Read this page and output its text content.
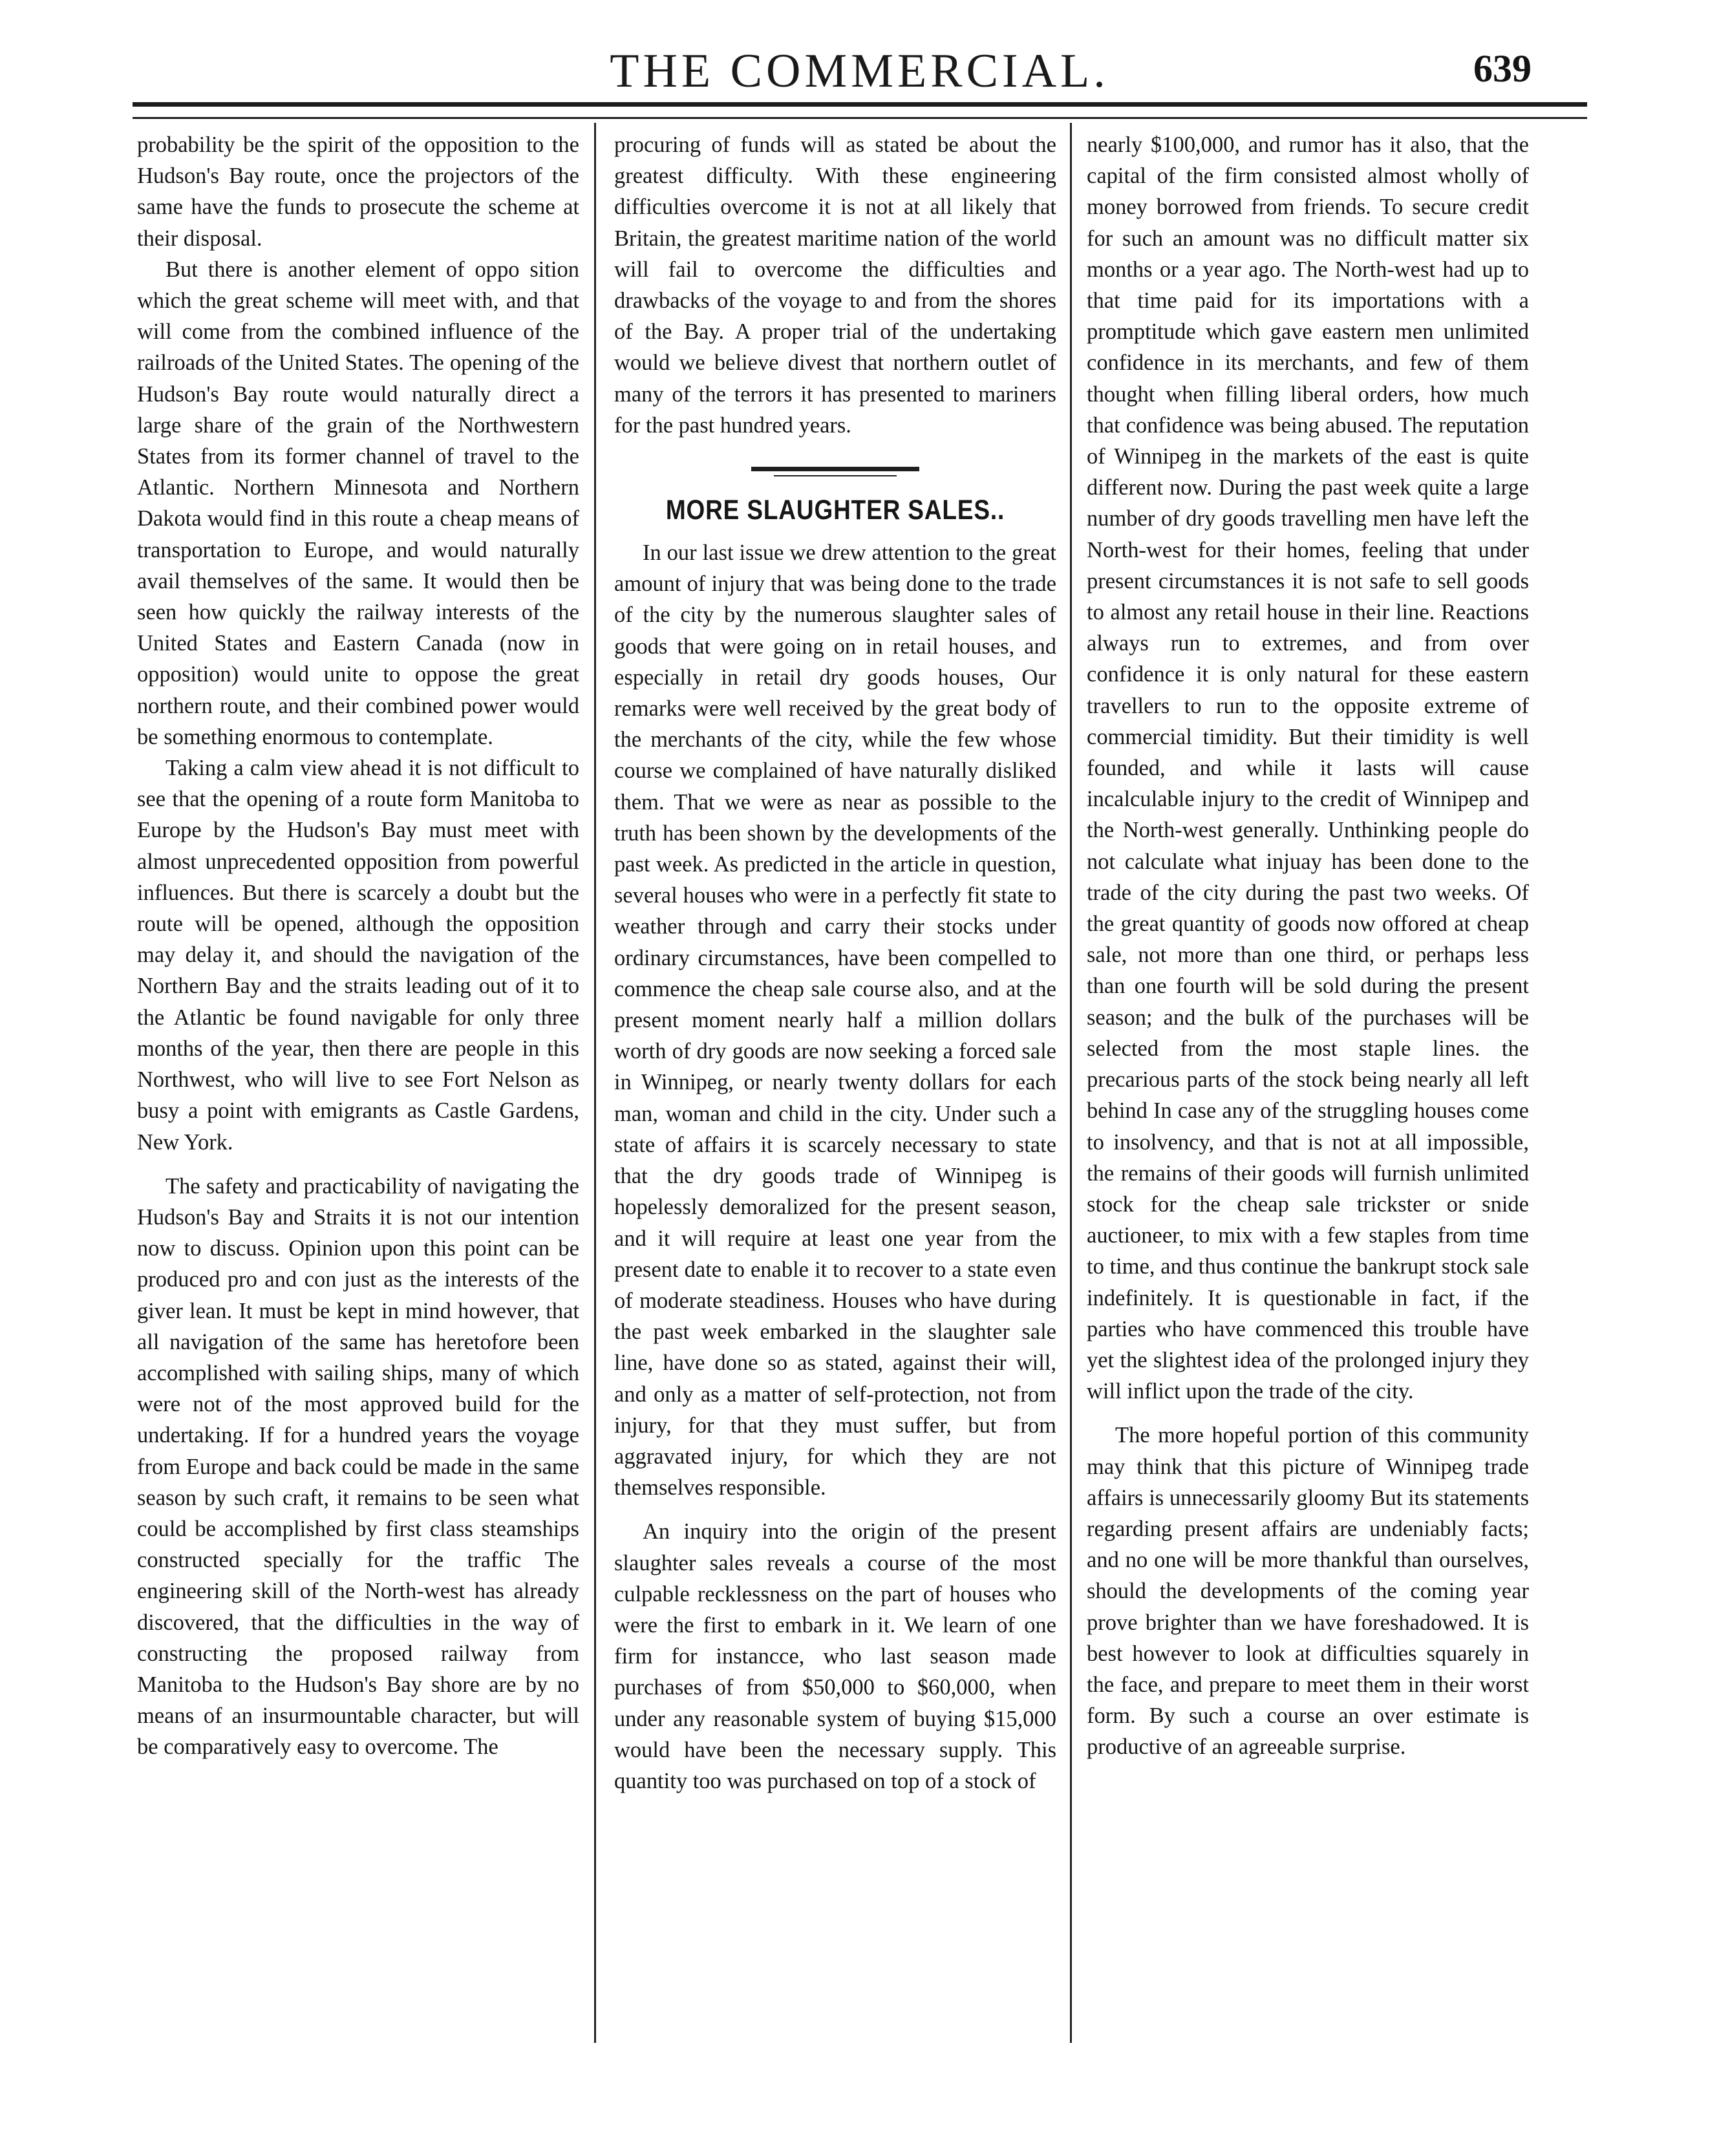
THE COMMERCIAL.	639

probability be the spirit of the opposition to the Hudson's Bay route, once the projectors of the same have the funds to prosecute the scheme at their disposal.

But there is another element of oppo sition which the great scheme will meet with, and that will come from the combined influence of the railroads of the United States. The opening of the Hudson's Bay route would naturally direct a large share of the grain of the Northwestern States from its former channel of travel to the Atlantic. Northern Minnesota and Northern Dakota would find in this route a cheap means of transportation to Europe, and would naturally avail themselves of the same. It would then be seen how quickly the railway interests of the United States and Eastern Canada (now in opposition) would unite to oppose the great northern route, and their combined power would be something enormous to contemplate.

Taking a calm view ahead it is not difficult to see that the opening of a route form Manitoba to Europe by the Hudson's Bay must meet with almost unprecedented opposition from powerful influences. But there is scarcely a doubt but the route will be opened, although the opposition may delay it, and should the navigation of the Northern Bay and the straits leading out of it to the Atlantic be found navigable for only three months of the year, then there are people in this Northwest, who will live to see Fort Nelson as busy a point with emigrants as Castle Gardens, New York.

The safety and practicability of navigating the Hudson's Bay and Straits it is not our intention now to discuss. Opinion upon this point can be produced pro and con just as the interests of the giver lean. It must be kept in mind however, that all navigation of the same has heretofore been accomplished with sailing ships, many of which were not of the most approved build for the undertaking. If for a hundred years the voyage from Europe and back could be made in the same season by such craft, it remains to be seen what could be accomplished by first class steamships constructed specially for the traffic The engineering skill of the North-west has already discovered, that the difficulties in the way of constructing the proposed railway from Manitoba to the Hudson's Bay shore are by no means of an insurmountable character, but will be comparatively easy to overcome. The

procuring of funds will as stated be about the greatest difficulty. With these engineering difficulties overcome it is not at all likely that Britain, the greatest maritime nation of the world will fail to overcome the difficulties and drawbacks of the voyage to and from the shores of the Bay. A proper trial of the undertaking would we believe divest that northern outlet of many of the terrors it has presented to mariners for the past hundred years.

MORE SLAUGHTER SALES..

In our last issue we drew attention to the great amount of injury that was being done to the trade of the city by the numerous slaughter sales of goods that were going on in retail houses, and especially in retail dry goods houses, Our remarks were well received by the great body of the merchants of the city, while the few whose course we complained of have naturally disliked them. That we were as near as possible to the truth has been shown by the developments of the past week. As predicted in the article in question, several houses who were in a perfectly fit state to weather through and carry their stocks under ordinary circumstances, have been compelled to commence the cheap sale course also, and at the present moment nearly half a million dollars worth of dry goods are now seeking a forced sale in Winnipeg, or nearly twenty dollars for each man, woman and child in the city. Under such a state of affairs it is scarcely necessary to state that the dry goods trade of Winnipeg is hopelessly demoralized for the present season, and it will require at least one year from the present date to enable it to recover to a state even of moderate steadiness. Houses who have during the past week embarked in the slaughter sale line, have done so as stated, against their will, and only as a matter of self-protection, not from injury, for that they must suffer, but from aggravated injury, for which they are not themselves responsible.

An inquiry into the origin of the present slaughter sales reveals a course of the most culpable recklessness on the part of houses who were the first to embark in it. We learn of one firm for instancce, who last season made purchases of from $50,000 to $60,000, when under any reasonable system of buying $15,000 would have been the necessary supply. This quantity too was purchased on top of a stock of

nearly $100,000, and rumor has it also, that the capital of the firm consisted almost wholly of money borrowed from friends. To secure credit for such an amount was no difficult matter six months or a year ago. The North-west had up to that time paid for its importations with a promptitude which gave eastern men unlimited confidence in its merchants, and few of them thought when filling liberal orders, how much that confidence was being abused. The reputation of Winnipeg in the markets of the east is quite different now. During the past week quite a large number of dry goods travelling men have left the North-west for their homes, feeling that under present circumstances it is not safe to sell goods to almost any retail house in their line. Reactions always run to extremes, and from over confidence it is only natural for these eastern travellers to run to the opposite extreme of commercial timidity. But their timidity is well founded, and while it lasts will cause incalculable injury to the credit of Winnipep and the North-west generally. Unthinking people do not calculate what injuay has been done to the trade of the city during the past two weeks. Of the great quantity of goods now offored at cheap sale, not more than one third, or perhaps less than one fourth will be sold during the present season; and the bulk of the purchases will be selected from the most staple lines. the precarious parts of the stock being nearly all left behind In case any of the struggling houses come to insolvency, and that is not at all impossible, the remains of their goods will furnish unlimited stock for the cheap sale trickster or snide auctioneer, to mix with a few staples from time to time, and thus continue the bankrupt stock sale indefinitely. It is questionable in fact, if the parties who have commenced this trouble have yet the slightest idea of the prolonged injury they will inflict upon the trade of the city.

The more hopeful portion of this community may think that this picture of Winnipeg trade affairs is unnecessarily gloomy But its statements regarding present affairs are undeniably facts; and no one will be more thankful than ourselves, should the developments of the coming year prove brighter than we have foreshadowed. It is best however to look at difficulties squarely in the face, and prepare to meet them in their worst form. By such a course an over estimate is productive of an agreeable surprise.
